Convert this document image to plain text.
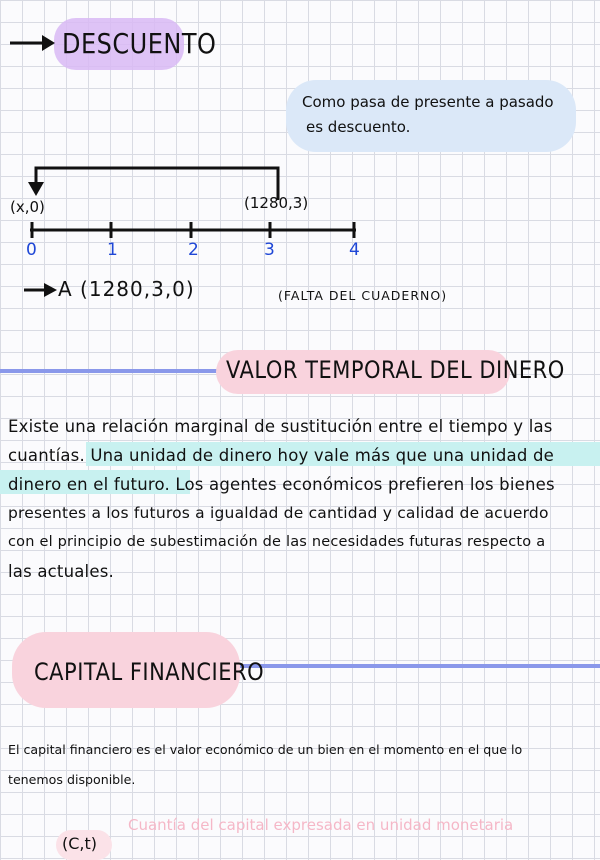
DESCUENTO
Como pasa de presente a pasado
es descuento.
(x,0)	(1280,3)
0	1	2	3	4
A (1280,3,0)	(FALTA DEL CUADERNO)
VALOR TEMPORAL DEL DINERO
Existe una relación marginal de sustitución entre el tiempo y las
cuantías. Una unidad de dinero hoy vale más que una unidad de
dinero en el futuro. Los agentes económicos prefieren los bienes
presentes a los futuros a igualdad de cantidad y calidad de acuerdo
con el principio de subestimación de las necesidades futuras respecto a
las actuales.
CAPITAL FINANCIERO
El capital financiero es el valor económico de un bien en el momento en el que lo
tenemos disponible.
(C,t)
Cuantía del capital expresada en unidad monetaria
